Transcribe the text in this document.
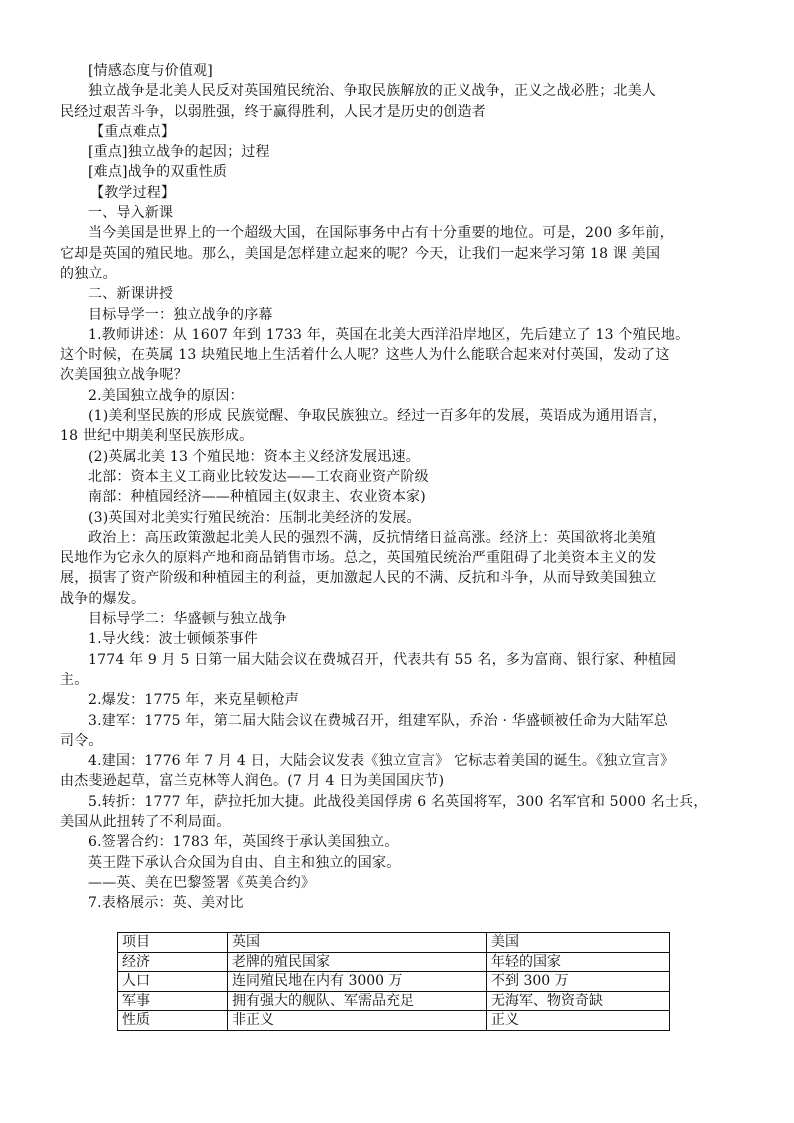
[情感态度与价值观]
独立战争是北美人民反对英国殖民统治、争取民族解放的正义战争，正义之战必胜；北美人
民经过艰苦斗争，以弱胜强，终于赢得胜利，人民才是历史的创造者
【重点难点】
[重点]独立战争的起因；过程
[难点]战争的双重性质
【教学过程】
一、导入新课
当今美国是世界上的一个超级大国，在国际事务中占有十分重要的地位。可是，200 多年前，
它却是英国的殖民地。那么，美国是怎样建立起来的呢？今天，让我们一起来学习第 18 课 美国
的独立。
二、新课讲授
目标导学一：独立战争的序幕
1.教师讲述：从 1607 年到 1733 年，英国在北美大西洋沿岸地区，先后建立了 13 个殖民地。
这个时候，在英属 13 块殖民地上生活着什么人呢？这些人为什么能联合起来对付英国，发动了这
次美国独立战争呢？
2.美国独立战争的原因：
(1)美利坚民族的形成 民族觉醒、争取民族独立。经过一百多年的发展，英语成为通用语言，
18 世纪中期美利坚民族形成。
(2)英属北美 13 个殖民地：资本主义经济发展迅速。
北部：资本主义工商业比较发达——工农商业资产阶级
南部：种植园经济——种植园主(奴隶主、农业资本家)
(3)英国对北美实行殖民统治：压制北美经济的发展。
政治上：高压政策激起北美人民的强烈不满，反抗情绪日益高涨。经济上：英国欲将北美殖
民地作为它永久的原料产地和商品销售市场。总之，英国殖民统治严重阻碍了北美资本主义的发
展，损害了资产阶级和种植园主的利益，更加激起人民的不满、反抗和斗争，从而导致美国独立
战争的爆发。
目标导学二：华盛顿与独立战争
1.导火线：波士顿倾茶事件
1774 年 9 月 5 日第一届大陆会议在费城召开，代表共有 55 名，多为富商、银行家、种植园
主。
2.爆发：1775 年，来克星顿枪声
3.建军：1775 年，第二届大陆会议在费城召开，组建军队，乔治 · 华盛顿被任命为大陆军总
司令。
4.建国：1776 年 7 月 4 日，大陆会议发表《独立宣言》 它标志着美国的诞生。《独立宣言》
由杰斐逊起草，富兰克林等人润色。(7 月 4 日为美国国庆节)
5.转折：1777 年，萨拉托加大捷。此战役美国俘虏 6 名英国将军，300 名军官和 5000 名士兵，
美国从此扭转了不利局面。
6.签署合约：1783 年，英国终于承认美国独立。
英王陛下承认合众国为自由、自主和独立的国家。
——英、美在巴黎签署《英美合约》
7.表格展示：英、美对比
项目	英国	美国
经济	老牌的殖民国家	年轻的国家
人口	连同殖民地在内有 3000 万	不到 300 万
军事	拥有强大的舰队、军需品充足	无海军、物资奇缺
性质	非正义	正义
